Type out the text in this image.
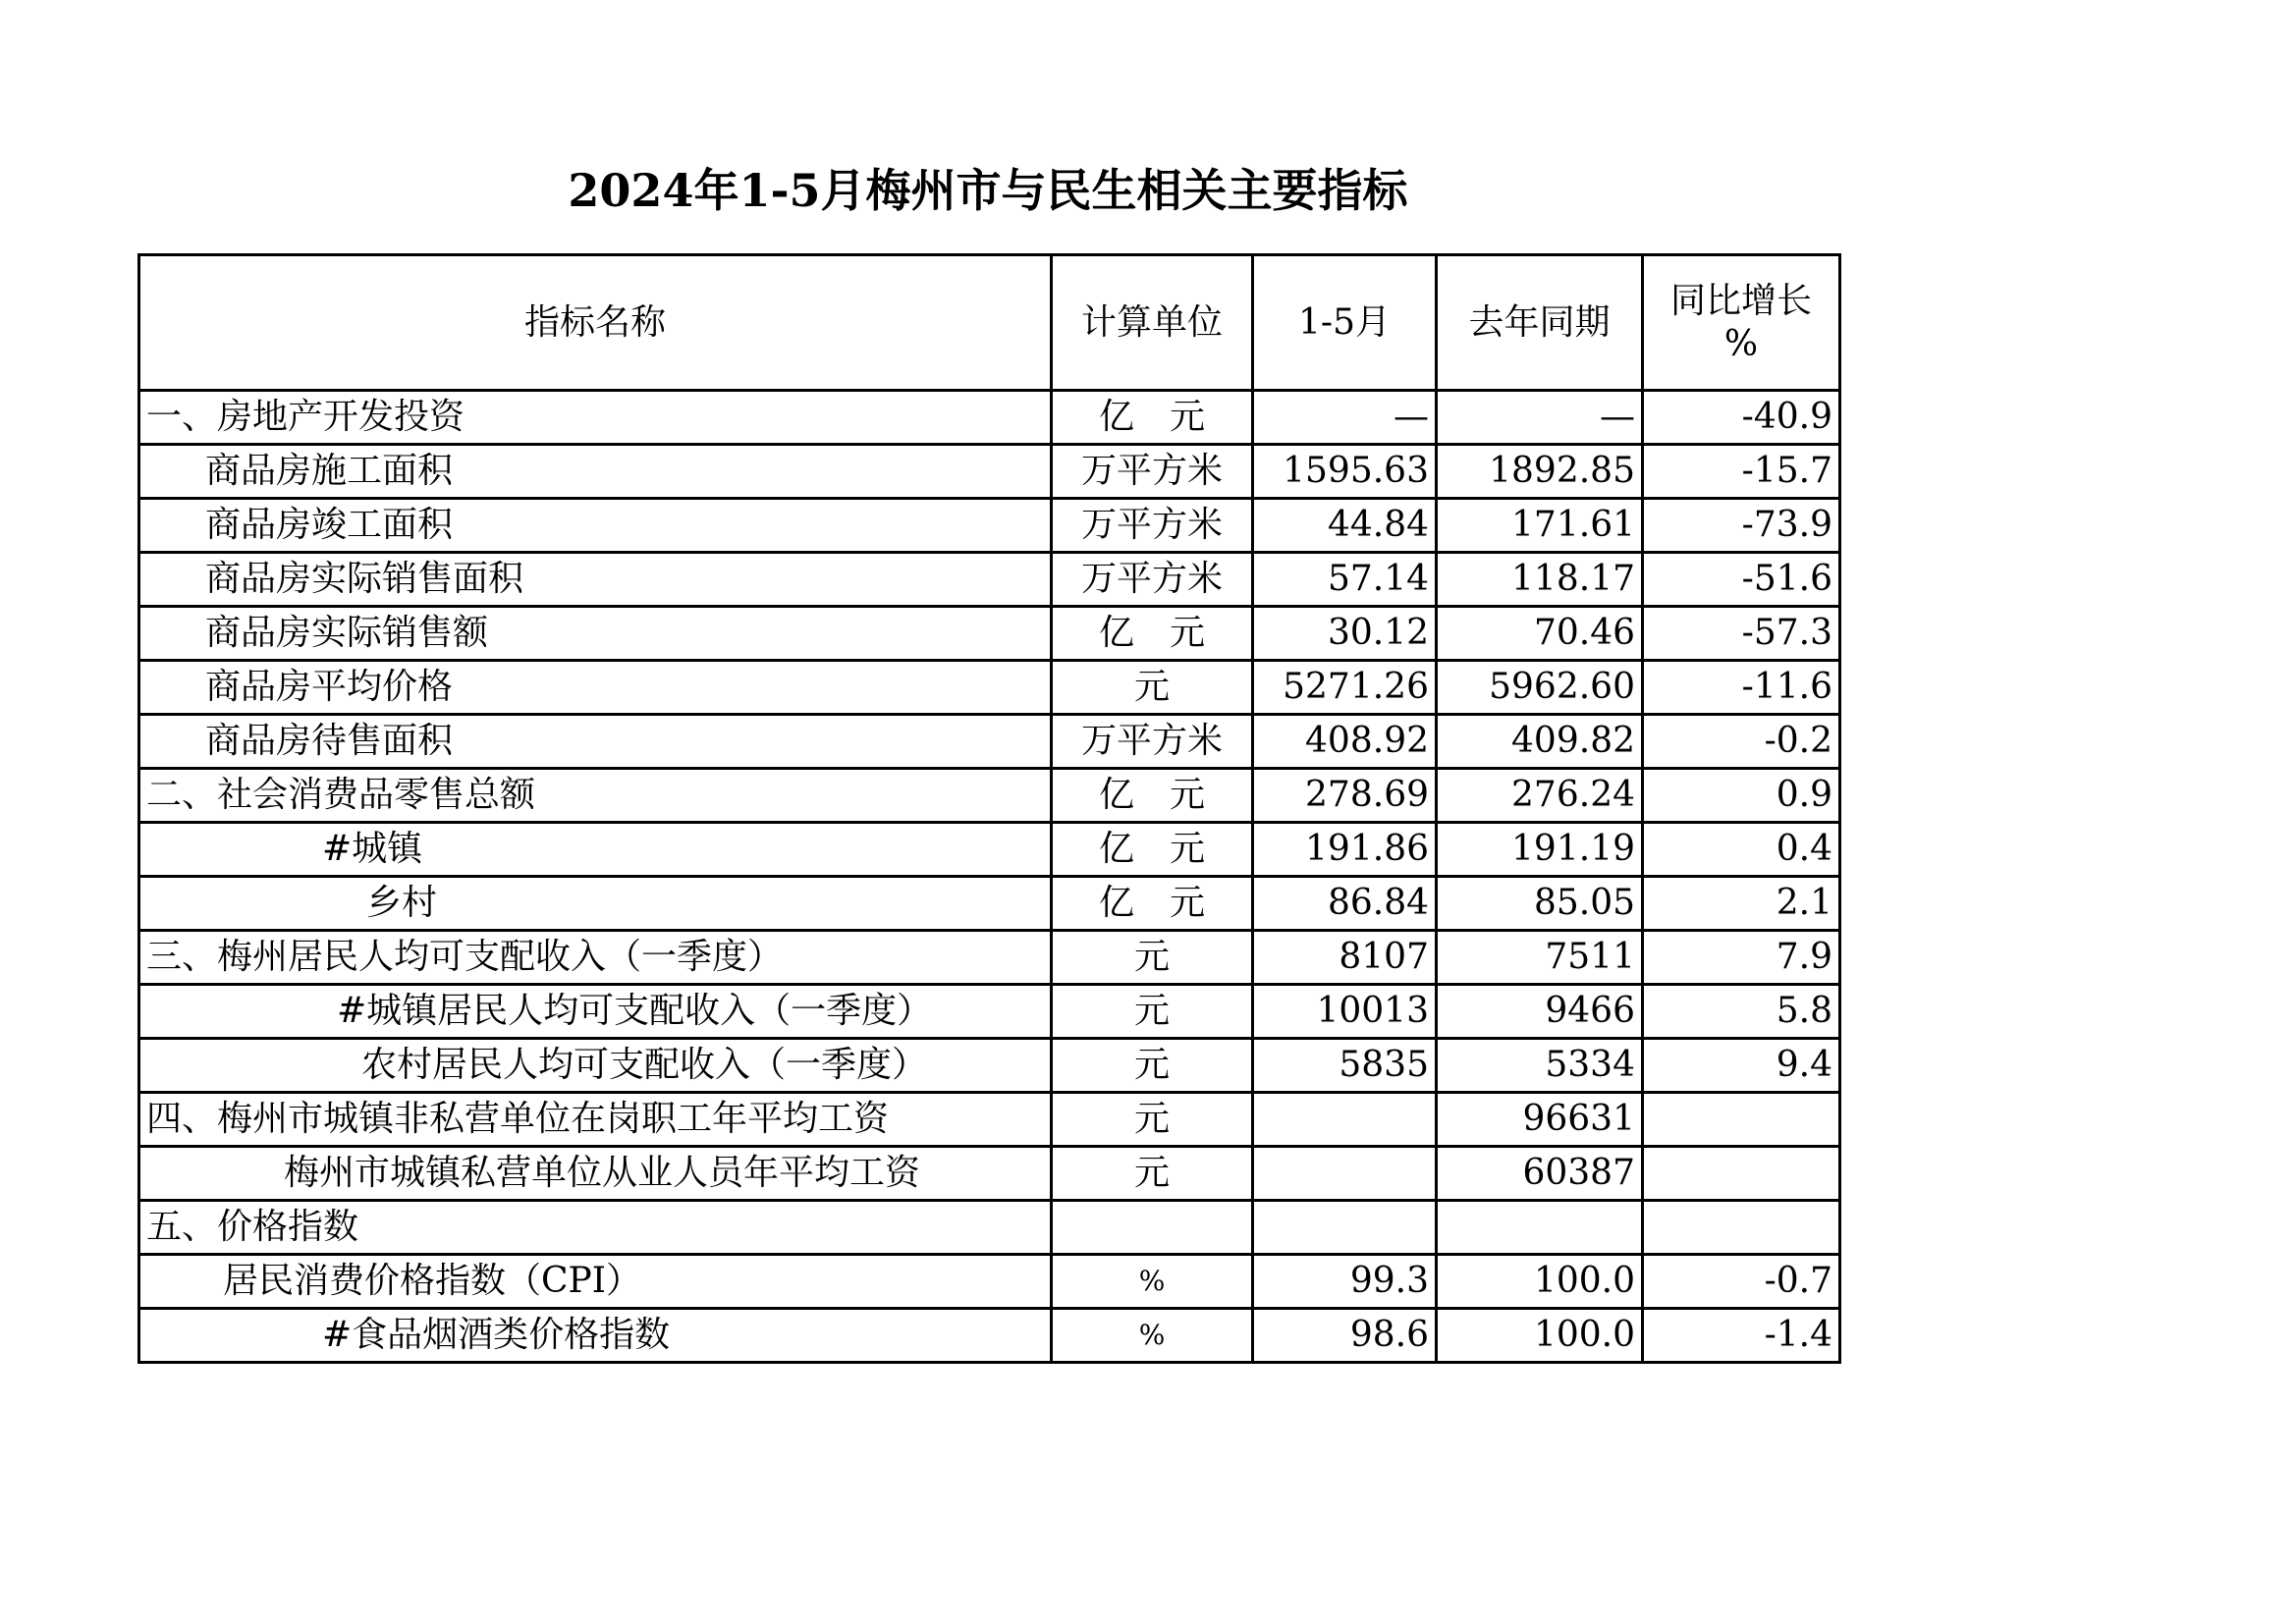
2024年1-5月梅州市与民生相关主要指标
指标名称	计算单位	1-5月	去年同期	同比增长
%

一、房地产开发投资	亿　元	—	—	-40.9
商品房施工面积	万平方米	1595.63	1892.85	-15.7
商品房竣工面积	万平方米	44.84	171.61	-73.9
商品房实际销售面积	万平方米	57.14	118.17	-51.6
商品房实际销售额	亿　元	30.12	70.46	-57.3
商品房平均价格	元	5271.26	5962.60	-11.6
商品房待售面积	万平方米	408.92	409.82	-0.2
二、社会消费品零售总额	亿　元	278.69	276.24	0.9
#城镇	亿　元	191.86	191.19	0.4
乡村	亿　元	86.84	85.05	2.1
三、梅州居民人均可支配收入（一季度）	元	8107	7511	7.9
#城镇居民人均可支配收入（一季度）	元	10013	9466	5.8
农村居民人均可支配收入（一季度）	元	5835	5334	9.4
四、梅州市城镇非私营单位在岗职工年平均工资	元		96631	
梅州市城镇私营单位从业人员年平均工资	元		60387	
五、价格指数				
居民消费价格指数（CPI）	%	99.3	100.0	-0.7
#食品烟酒类价格指数	%	98.6	100.0	-1.4
